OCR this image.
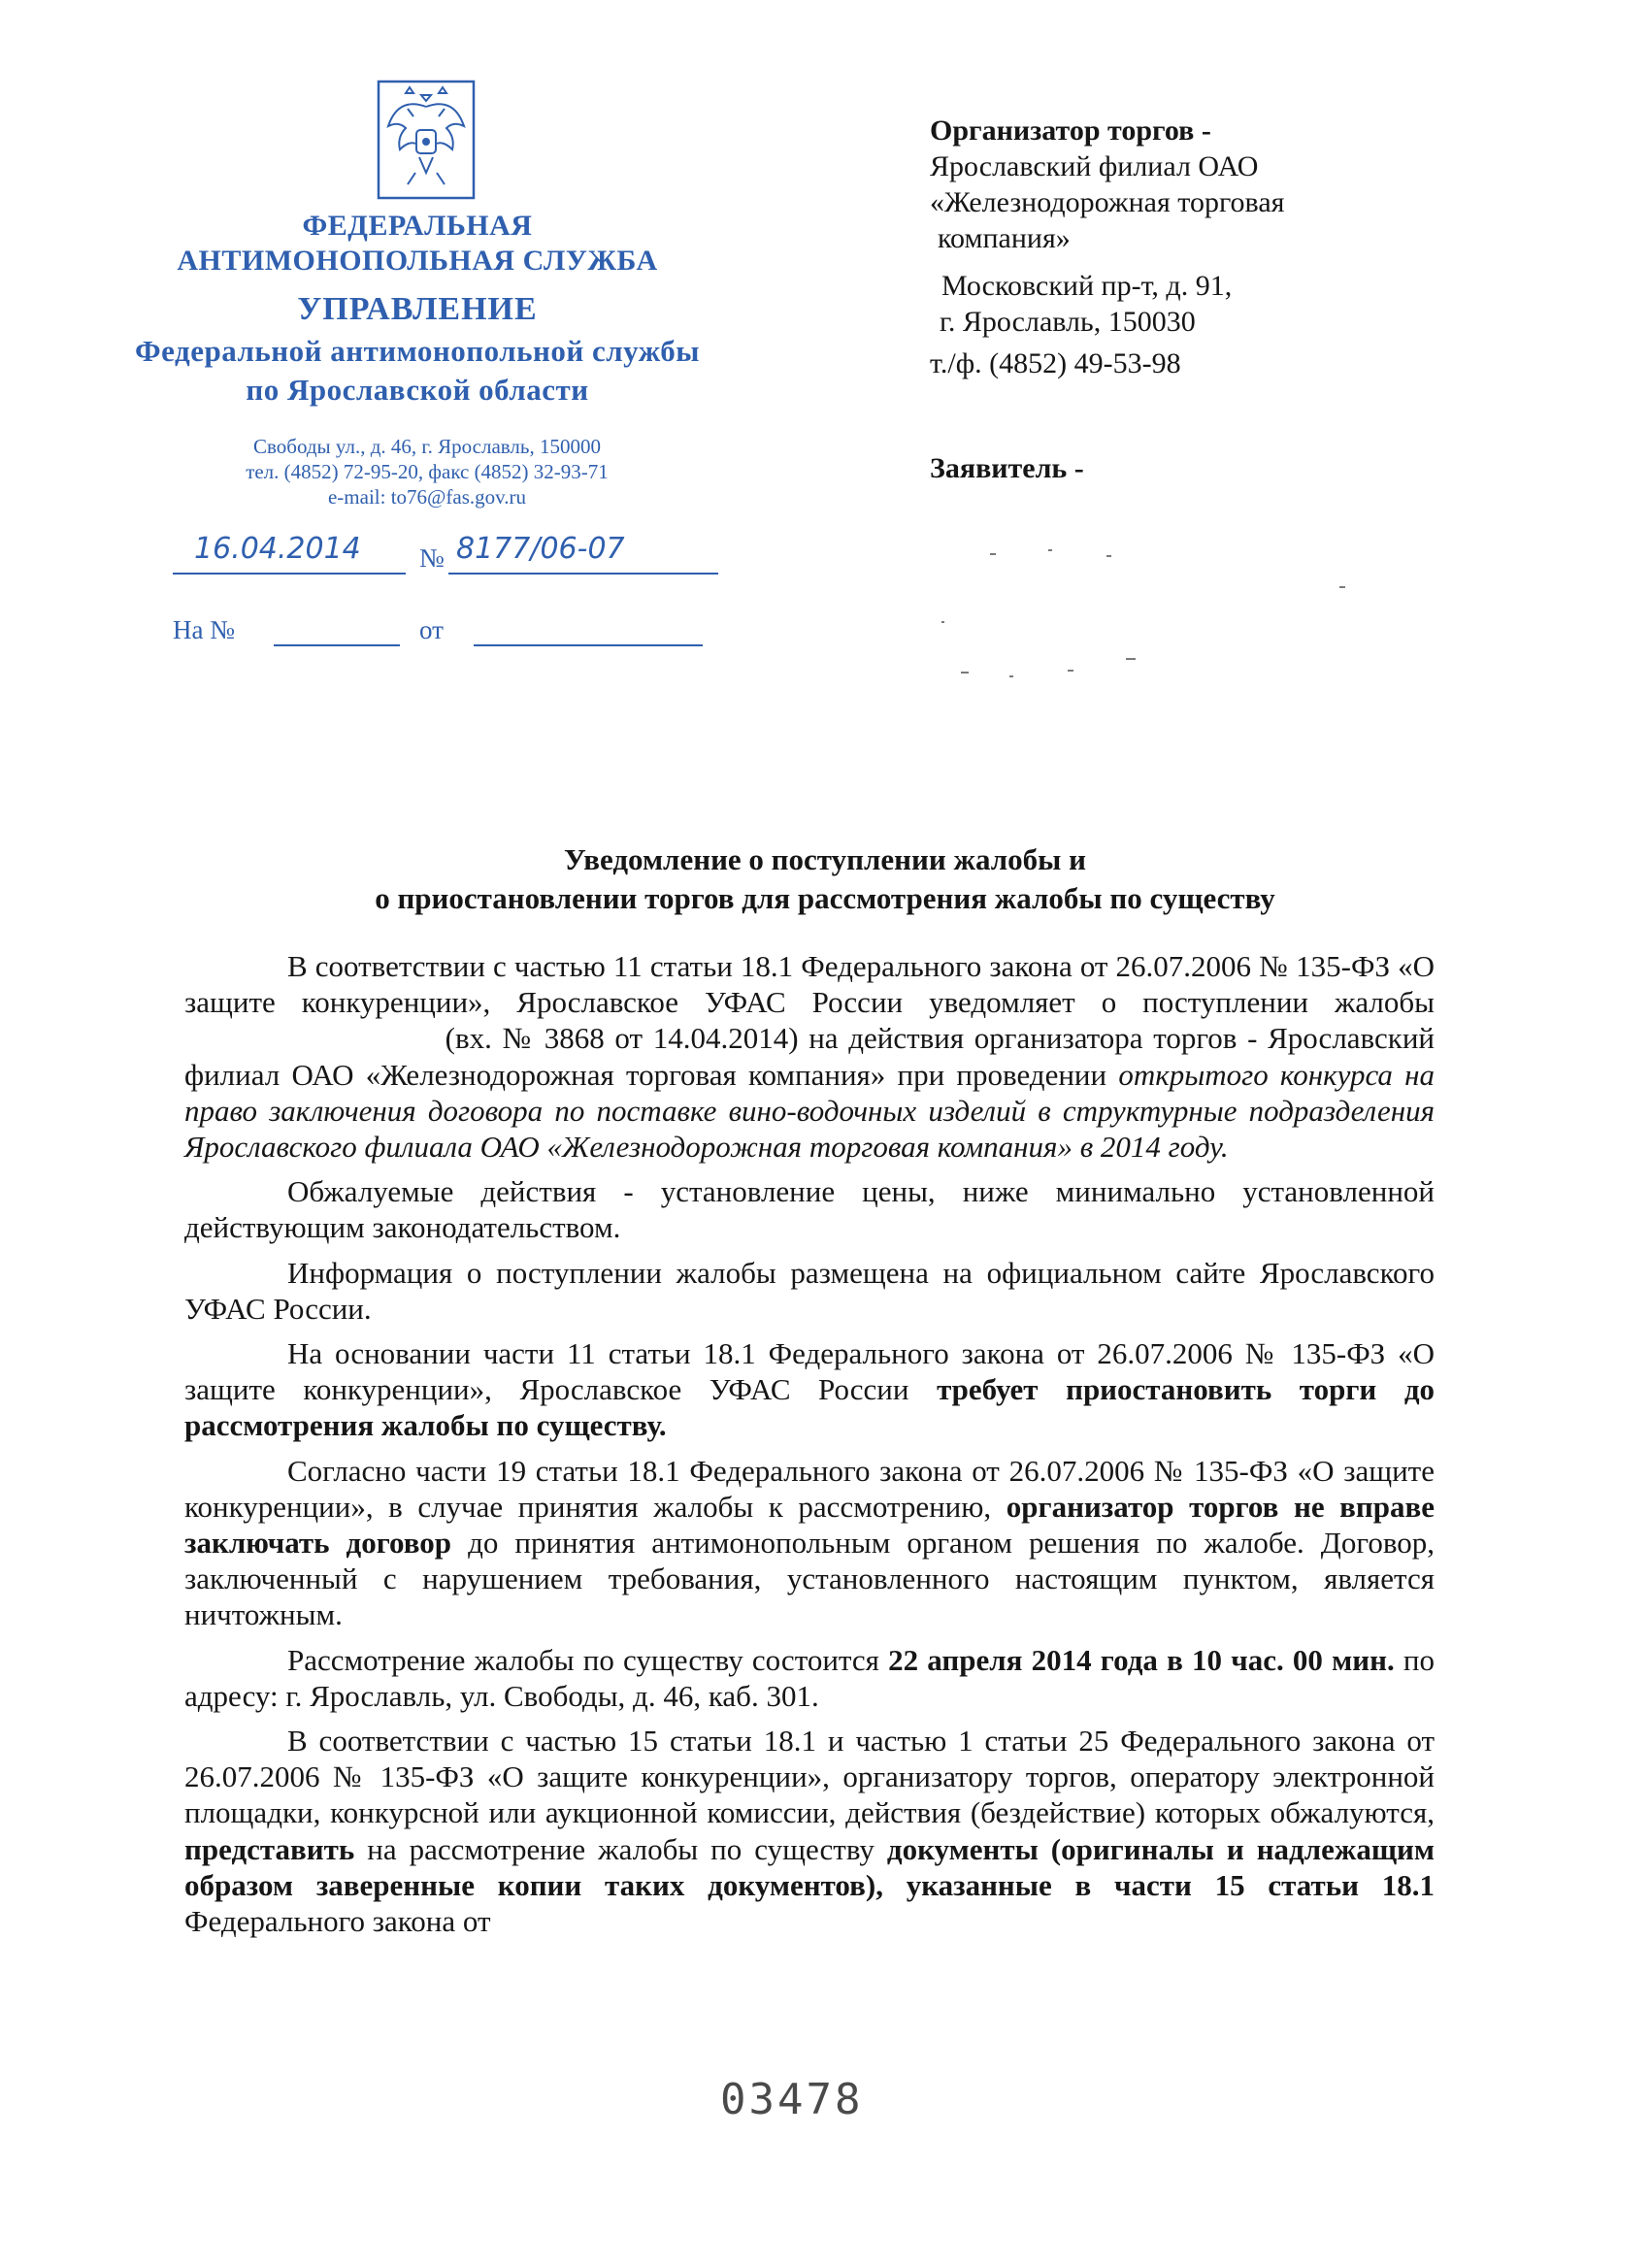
ФЕДЕРАЛЬНАЯ
АНТИМОНОПОЛЬНАЯ СЛУЖБА
УПРАВЛЕНИЕ
Федеральной антимонопольной службы
по Ярославской области
Свободы ул., д. 46, г. Ярославль, 150000
тел. (4852) 72-95-20, факс (4852) 32-93-71
e-mail: to76@fas.gov.ru
16.04.2014 № 8177/06-07
На №	от
Организатор торгов -
Ярославский филиал ОАО
«Железнодорожная торговая
компания»
Московский пр-т, д. 91,
г. Ярославль, 150030
т./ф. (4852) 49-53-98
Заявитель -
Уведомление о поступлении жалобы и
о приостановлении торгов для рассмотрения жалобы по существу

В соответствии с частью 11 статьи 18.1 Федерального закона от 26.07.2006 № 135-ФЗ «О защите конкуренции», Ярославское УФАС России уведомляет о поступлении жалобы  (вх. № 3868 от 14.04.2014) на действия организатора торгов - Ярославский филиал ОАО «Железнодорожная торговая компания» при проведении открытого конкурса на право заключения договора по поставке вино-водочных изделий в структурные подразделения Ярославского филиала ОАО «Железнодорожная торговая компания» в 2014 году.

Обжалуемые действия - установление цены, ниже минимально установленной действующим законодательством.

Информация о поступлении жалобы размещена на официальном сайте Ярославского УФАС России.

На основании части 11 статьи 18.1 Федерального закона от 26.07.2006 № 135-ФЗ «О защите конкуренции», Ярославское УФАС России требует приостановить торги до рассмотрения жалобы по существу.

Согласно части 19 статьи 18.1 Федерального закона от 26.07.2006 № 135-ФЗ «О защите конкуренции», в случае принятия жалобы к рассмотрению, организатор торгов не вправе заключать договор до принятия антимонопольным органом решения по жалобе. Договор, заключенный с нарушением требования, установленного настоящим пунктом, является ничтожным.

Рассмотрение жалобы по существу состоится 22 апреля 2014 года в 10 час. 00 мин. по адресу: г. Ярославль, ул. Свободы, д. 46, каб. 301.

В соответствии с частью 15 статьи 18.1 и частью 1 статьи 25 Федерального закона от 26.07.2006 № 135-ФЗ «О защите конкуренции», организатору торгов, оператору электронной площадки, конкурсной или аукционной комиссии, действия (бездействие) которых обжалуются, представить на рассмотрение жалобы по существу документы (оригиналы и надлежащим образом заверенные копии таких документов), указанные в части 15 статьи 18.1 Федерального закона от

03478
